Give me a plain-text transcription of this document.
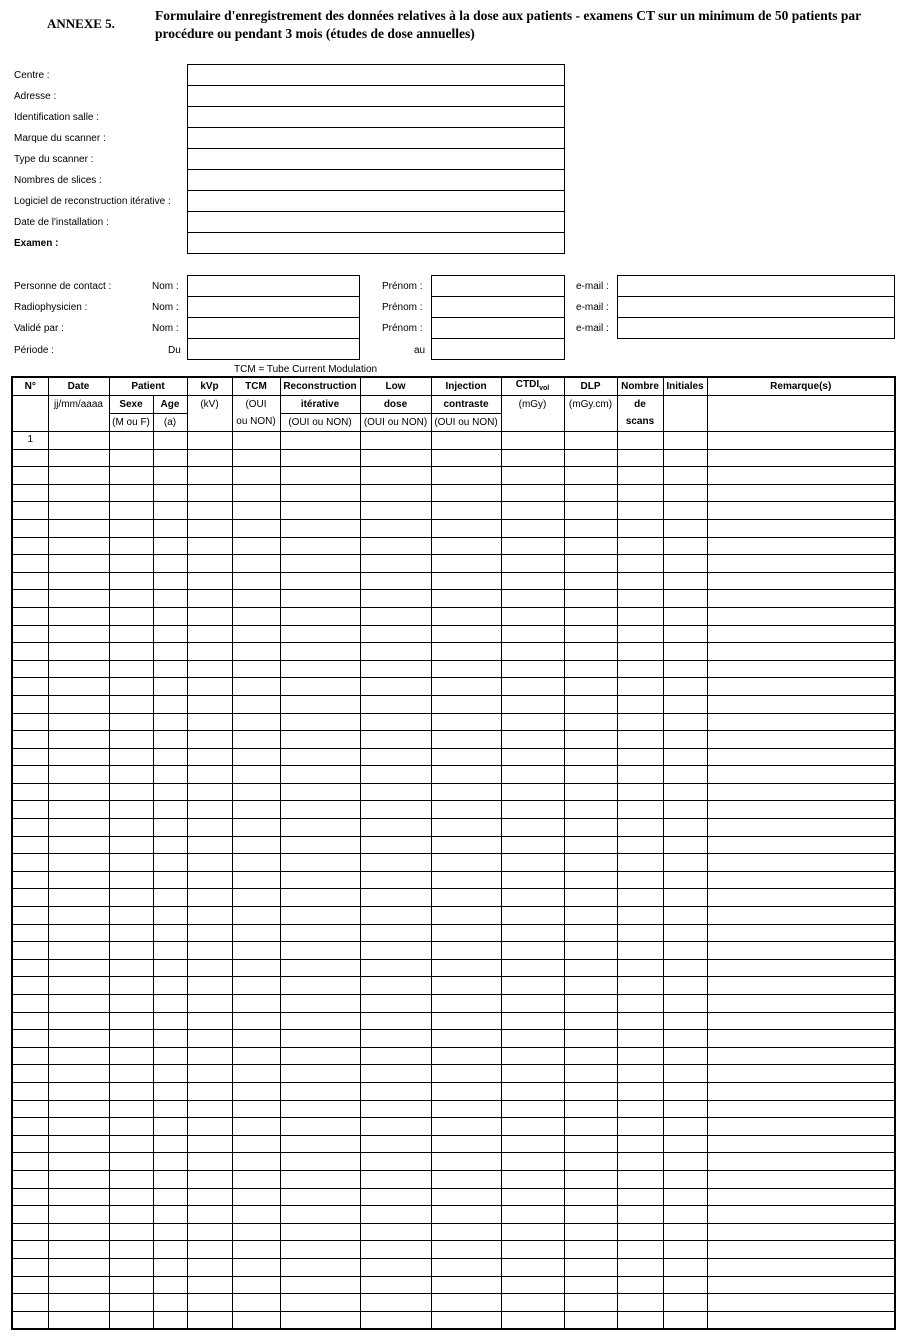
ANNEXE 5.
Formulaire d'enregistrement des données relatives à la dose aux patients - examens CT sur un minimum de 50 patients par procédure ou pendant 3 mois (études de dose annuelles)
Centre :
Adresse :
Identification salle :
Marque du scanner :
Type du scanner :
Nombres de slices :
Logiciel de reconstruction itérative :
Date de l'installation :
Examen :
Personne de contact :	Nom :	Prénom :	e-mail :
Radiophysicien :	Nom :	Prénom :	e-mail :
Validé par :	Nom :	Prénom :	e-mail :
Période :	Du	au
TCM = Tube Current Modulation
N°	Date	Patient		kVp	TCM	Reconstruction	Low	Injection	$CTDI_{vol}$	DLP	Nombre	Initiales	Remarque(s)
	jj/mm/aaaa	Sexe	Age	(kV)	(OUI	itérative	dose	contraste	(mGy)	(mGy.cm)	de		
		(M ou F)	(a)		ou NON)	(OUI ou NON)	(OUI ou NON)	(OUI ou NON)			scans		
1													
